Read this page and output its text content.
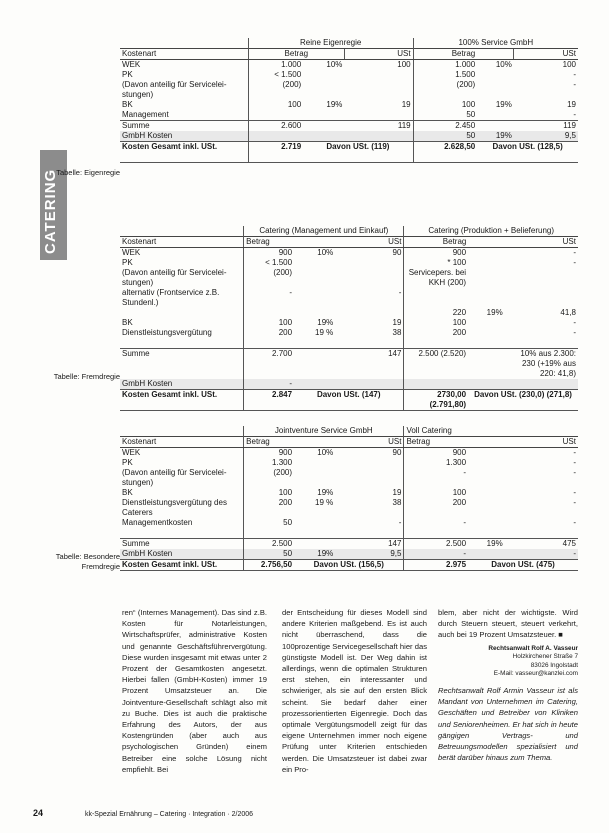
CATERING
Tabelle: Eigenregie
Tabelle: Fremdregie
Tabelle: Besondere Fremdregie
	Reine Eigenregie			100% Service GmbH		
Kostenart	Betrag		USt	Betrag		USt
WEK	1.000	10%	100	1.000	10%	100
PK	< 1.500			1.500		-
(Davon anteilig für Servicelei-stungen)	(200)			(200)		-
BK	100	19%	19	100	19%	19
Management				50		-
Summe	2.600		119	2.450		119
GmbH Kosten				50	19%	9,5
Kosten Gesamt inkl. USt.	2.719	Davon USt. (119)		2.628,50	Davon USt. (128,5)	
	Catering (Management und Einkauf)			Catering (Produktion + Belieferung)		
Kostenart	Betrag		USt	Betrag		USt
WEK	900	10%	90	900		-
PK	< 1.500			* 100		-
(Davon anteilig für Servicelei-stungen)	(200)			Servicepers. bei KKH (200)		
alternativ (Frontservice z.B. Stundenl.)	-		-			
				220	19%	41,8
BK	100	19%	19	100		-
Dienstleistungsvergütung	200	19 %	38	200		-
Summe	2.700		147	2.500 (2.520)		10% aus 2.300: 230 (+19% aus 220: 41,8)
GmbH Kosten	-					
Kosten Gesamt inkl. USt.	2.847	Davon USt. (147)		2730,00 (2.791,80)	Davon USt. (230,0) (271,8)	
	Jointventure Service GmbH			Voll Catering		
Kostenart	Betrag		USt	Betrag		USt
WEK	900	10%	90	900		-
PK	1.300			1.300		-
(Davon anteilig für Servicelei-stungen)	(200)			-		-
BK	100	19%	19	100		-
Dienstleistungsvergütung des Caterers	200	19 %	38	200		-
Managementkosten	50		-	-		-
Summe	2.500		147	2.500	19%	475
GmbH Kosten	50	19%	9,5	-		-
Kosten Gesamt inkl. USt.	2.756,50	Davon USt. (156,5)		2.975	Davon USt. (475)	
ren“ (Internes Management). Das sind z.B. Kosten für Notarleistungen, Wirtschaftsprüfer, administrative Kosten und genannte Geschäftsführervergütung. Diese wurden insgesamt mit etwas unter 2 Prozent der Gesamtkosten angesetzt. Hierbei fallen (GmbH-Kosten) immer 19 Prozent Umsatzsteuer an. Die Jointventure-Gesellschaft schlägt also mit zu Buche. Dies ist auch die praktische Erfahrung des Autors, der aus Kostengründen (aber auch aus psychologischen Gründen) einem Betreiber eine solche Lösung nicht empfiehlt. Bei
der Entscheidung für dieses Modell sind andere Kriterien maßgebend. Es ist auch nicht überraschend, dass die 100prozentige Servicegesellschaft hier das günstigste Modell ist. Der Weg dahin ist allerdings, wenn die optimalen Strukturen erst stehen, ein interessanter und schwieriger, als sie auf den ersten Blick scheint. Sie bedarf daher einer prozessorientierten Eigenregie. Doch das optimale Vergütungsmodell zeigt für das eigene Unternehmen immer noch eigene Prüfung unter Kriterien entschieden werden. Die Umsatzsteuer ist dabei zwar ein Pro-
blem, aber nicht der wichtigste. Wird durch Steuern steuert, steuert verkehrt, auch bei 19 Prozent Umsatzsteuer. ■
Rechtsanwalt Rolf A. Vasseur
Holzkirchener Straße 7
83026 Ingolstadt
E-Mail: vasseur@kanzlei.com
Rechtsanwalt Rolf Armin Vasseur ist als Mandant von Unternehmen im Catering, Geschäften und Betreiber von Kliniken und Seniorenheimen. Er hat sich in heute gängigen Vertrags- und Betreuungsmodellen spezialisiert und berät darüber hinaus zum Thema.
24	kk-Spezial Ernährung – Catering · Integration · 2/2006
